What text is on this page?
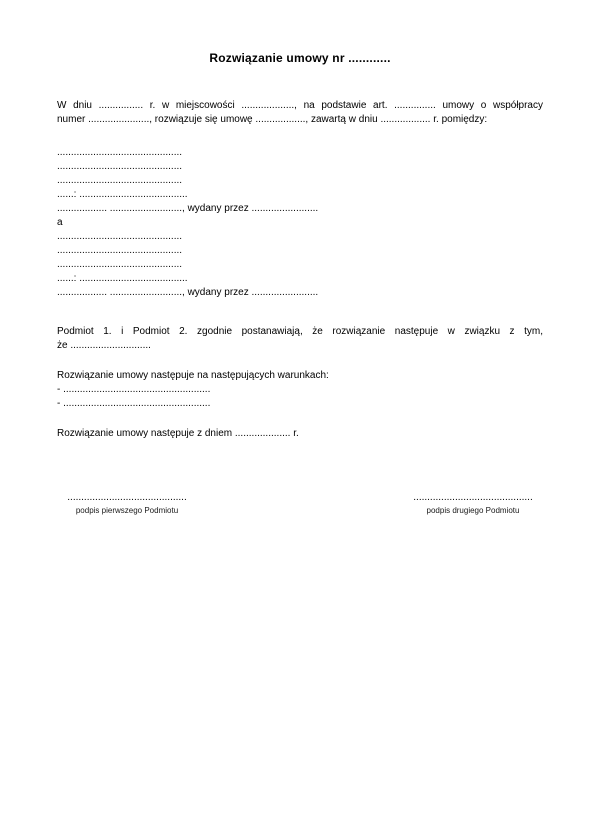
Rozwiązanie umowy nr ............
W dniu ................ r. w miejscowości ..................., na podstawie art. ............... umowy o współpracy
numer ......................, rozwiązuje się umowę .................., zawartą w dniu .................. r. pomiędzy:
.............................................
.............................................
.............................................
......: .......................................
.................. .........................., wydany przez ........................
a
.............................................
.............................................
.............................................
......: .......................................
.................. .........................., wydany przez ........................
Podmiot 1. i Podmiot 2. zgodnie postanawiają, że rozwiązanie następuje w związku z tym,
że .............................
Rozwiązanie umowy następuje na następujących warunkach:
- .....................................................
- .....................................................
Rozwiązanie umowy następuje z dniem .................... r.
...........................................
podpis pierwszego Podmiotu
...........................................
podpis drugiego Podmiotu
